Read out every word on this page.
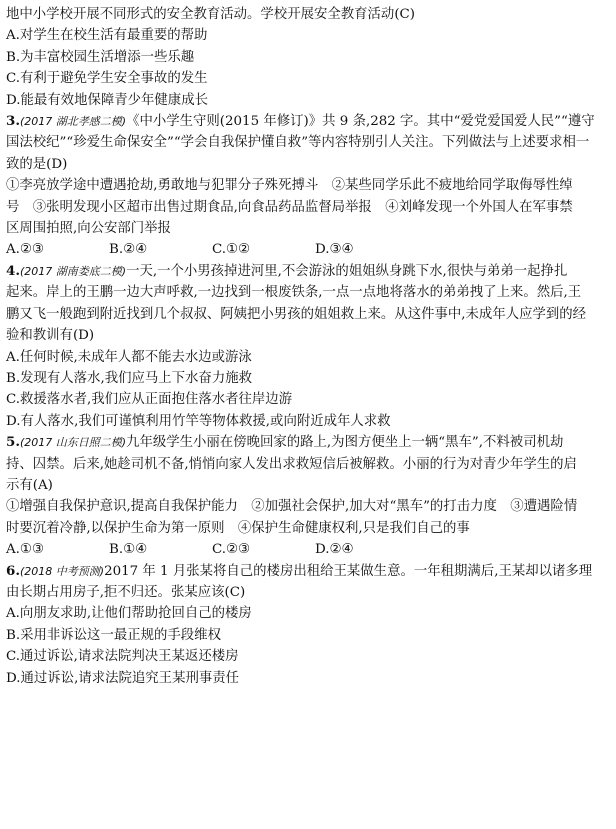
地中小学校开展不同形式的安全教育活动。学校开展安全教育活动(C)
A.对学生在校生活有最重要的帮助
B.为丰富校园生活增添一些乐趣
C.有利于避免学生安全事故的发生
D.能最有效地保障青少年健康成长
3.(2017 湖北孝感二模)《中小学生守则(2015 年修订)》共 9 条,282 字。其中“爱党爱国爱人民”“遵守
国法校纪”“珍爱生命保安全”“学会自我保护懂自救”等内容特别引人关注。下列做法与上述要求相一
致的是(D)
①李亮放学途中遭遇抢劫,勇敢地与犯罪分子殊死搏斗　②某些同学乐此不疲地给同学取侮辱性绰
号　③张明发现小区超市出售过期食品,向食品药品监督局举报　④刘峰发现一个外国人在军事禁
区周围拍照,向公安部门举报
A.②③	B.②④	C.①②	D.③④
4.(2017 湖南娄底二模)一天,一个小男孩掉进河里,不会游泳的姐姐纵身跳下水,很快与弟弟一起挣扎
起来。岸上的王鹏一边大声呼救,一边找到一根废铁条,一点一点地将落水的弟弟拽了上来。然后,王
鹏又飞一般跑到附近找到几个叔叔、阿姨把小男孩的姐姐救上来。从这件事中,未成年人应学到的经
验和教训有(D)
A.任何时候,未成年人都不能去水边或游泳
B.发现有人落水,我们应马上下水奋力施救
C.救援落水者,我们应从正面抱住落水者往岸边游
D.有人落水,我们可谨慎利用竹竿等物体救援,或向附近成年人求救
5.(2017 山东日照二模)九年级学生小丽在傍晚回家的路上,为图方便坐上一辆“黑车”,不料被司机劫
持、囚禁。后来,她趁司机不备,悄悄向家人发出求救短信后被解救。小丽的行为对青少年学生的启
示有(A)
①增强自我保护意识,提高自我保护能力　②加强社会保护,加大对“黑车”的打击力度　③遭遇险情
时要沉着冷静,以保护生命为第一原则　④保护生命健康权利,只是我们自己的事
A.①③	B.①④	C.②③	D.②④
6.(2018 中考预测)2017 年 1 月张某将自己的楼房出租给王某做生意。一年租期满后,王某却以诸多理
由长期占用房子,拒不归还。张某应该(C)
A.向朋友求助,让他们帮助抢回自己的楼房
B.采用非诉讼这一最正规的手段维权
C.通过诉讼,请求法院判决王某返还楼房
D.通过诉讼,请求法院追究王某刑事责任
